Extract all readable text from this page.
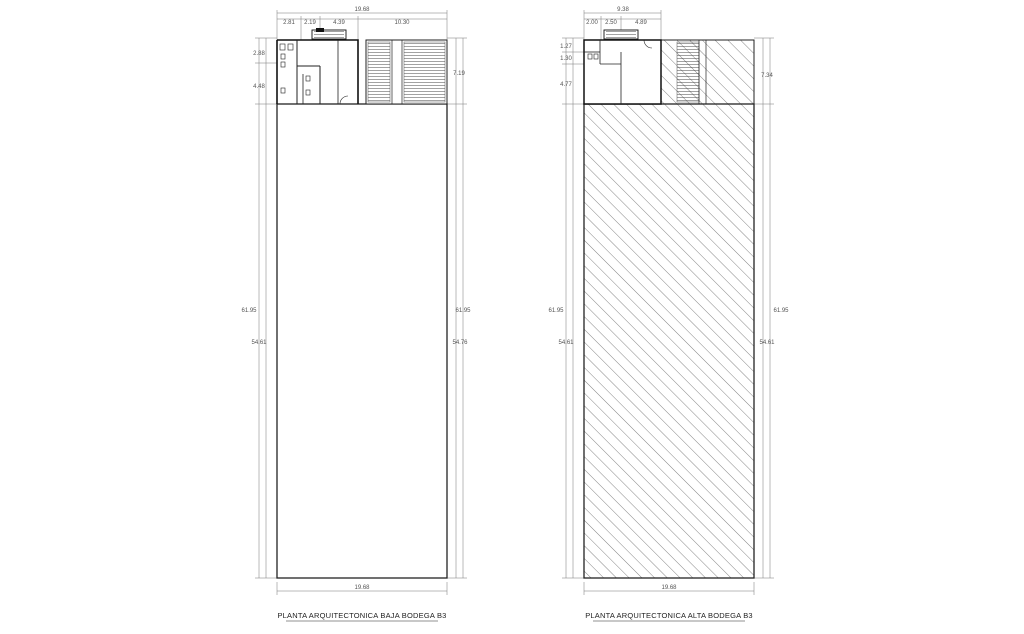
19.68
2.81 2.19	4.39	10.30
2.88
4.48
61.95
54.61
7.19
61.95
54.76
19.68
PLANTA ARQUITECTONICA BAJA BODEGA B3
9.38
2.00 2.50	4.89
1.27
1.30
4.77
61.95
54.61
7.34
61.95
54.61
19.68
PLANTA ARQUITECTONICA ALTA BODEGA B3
